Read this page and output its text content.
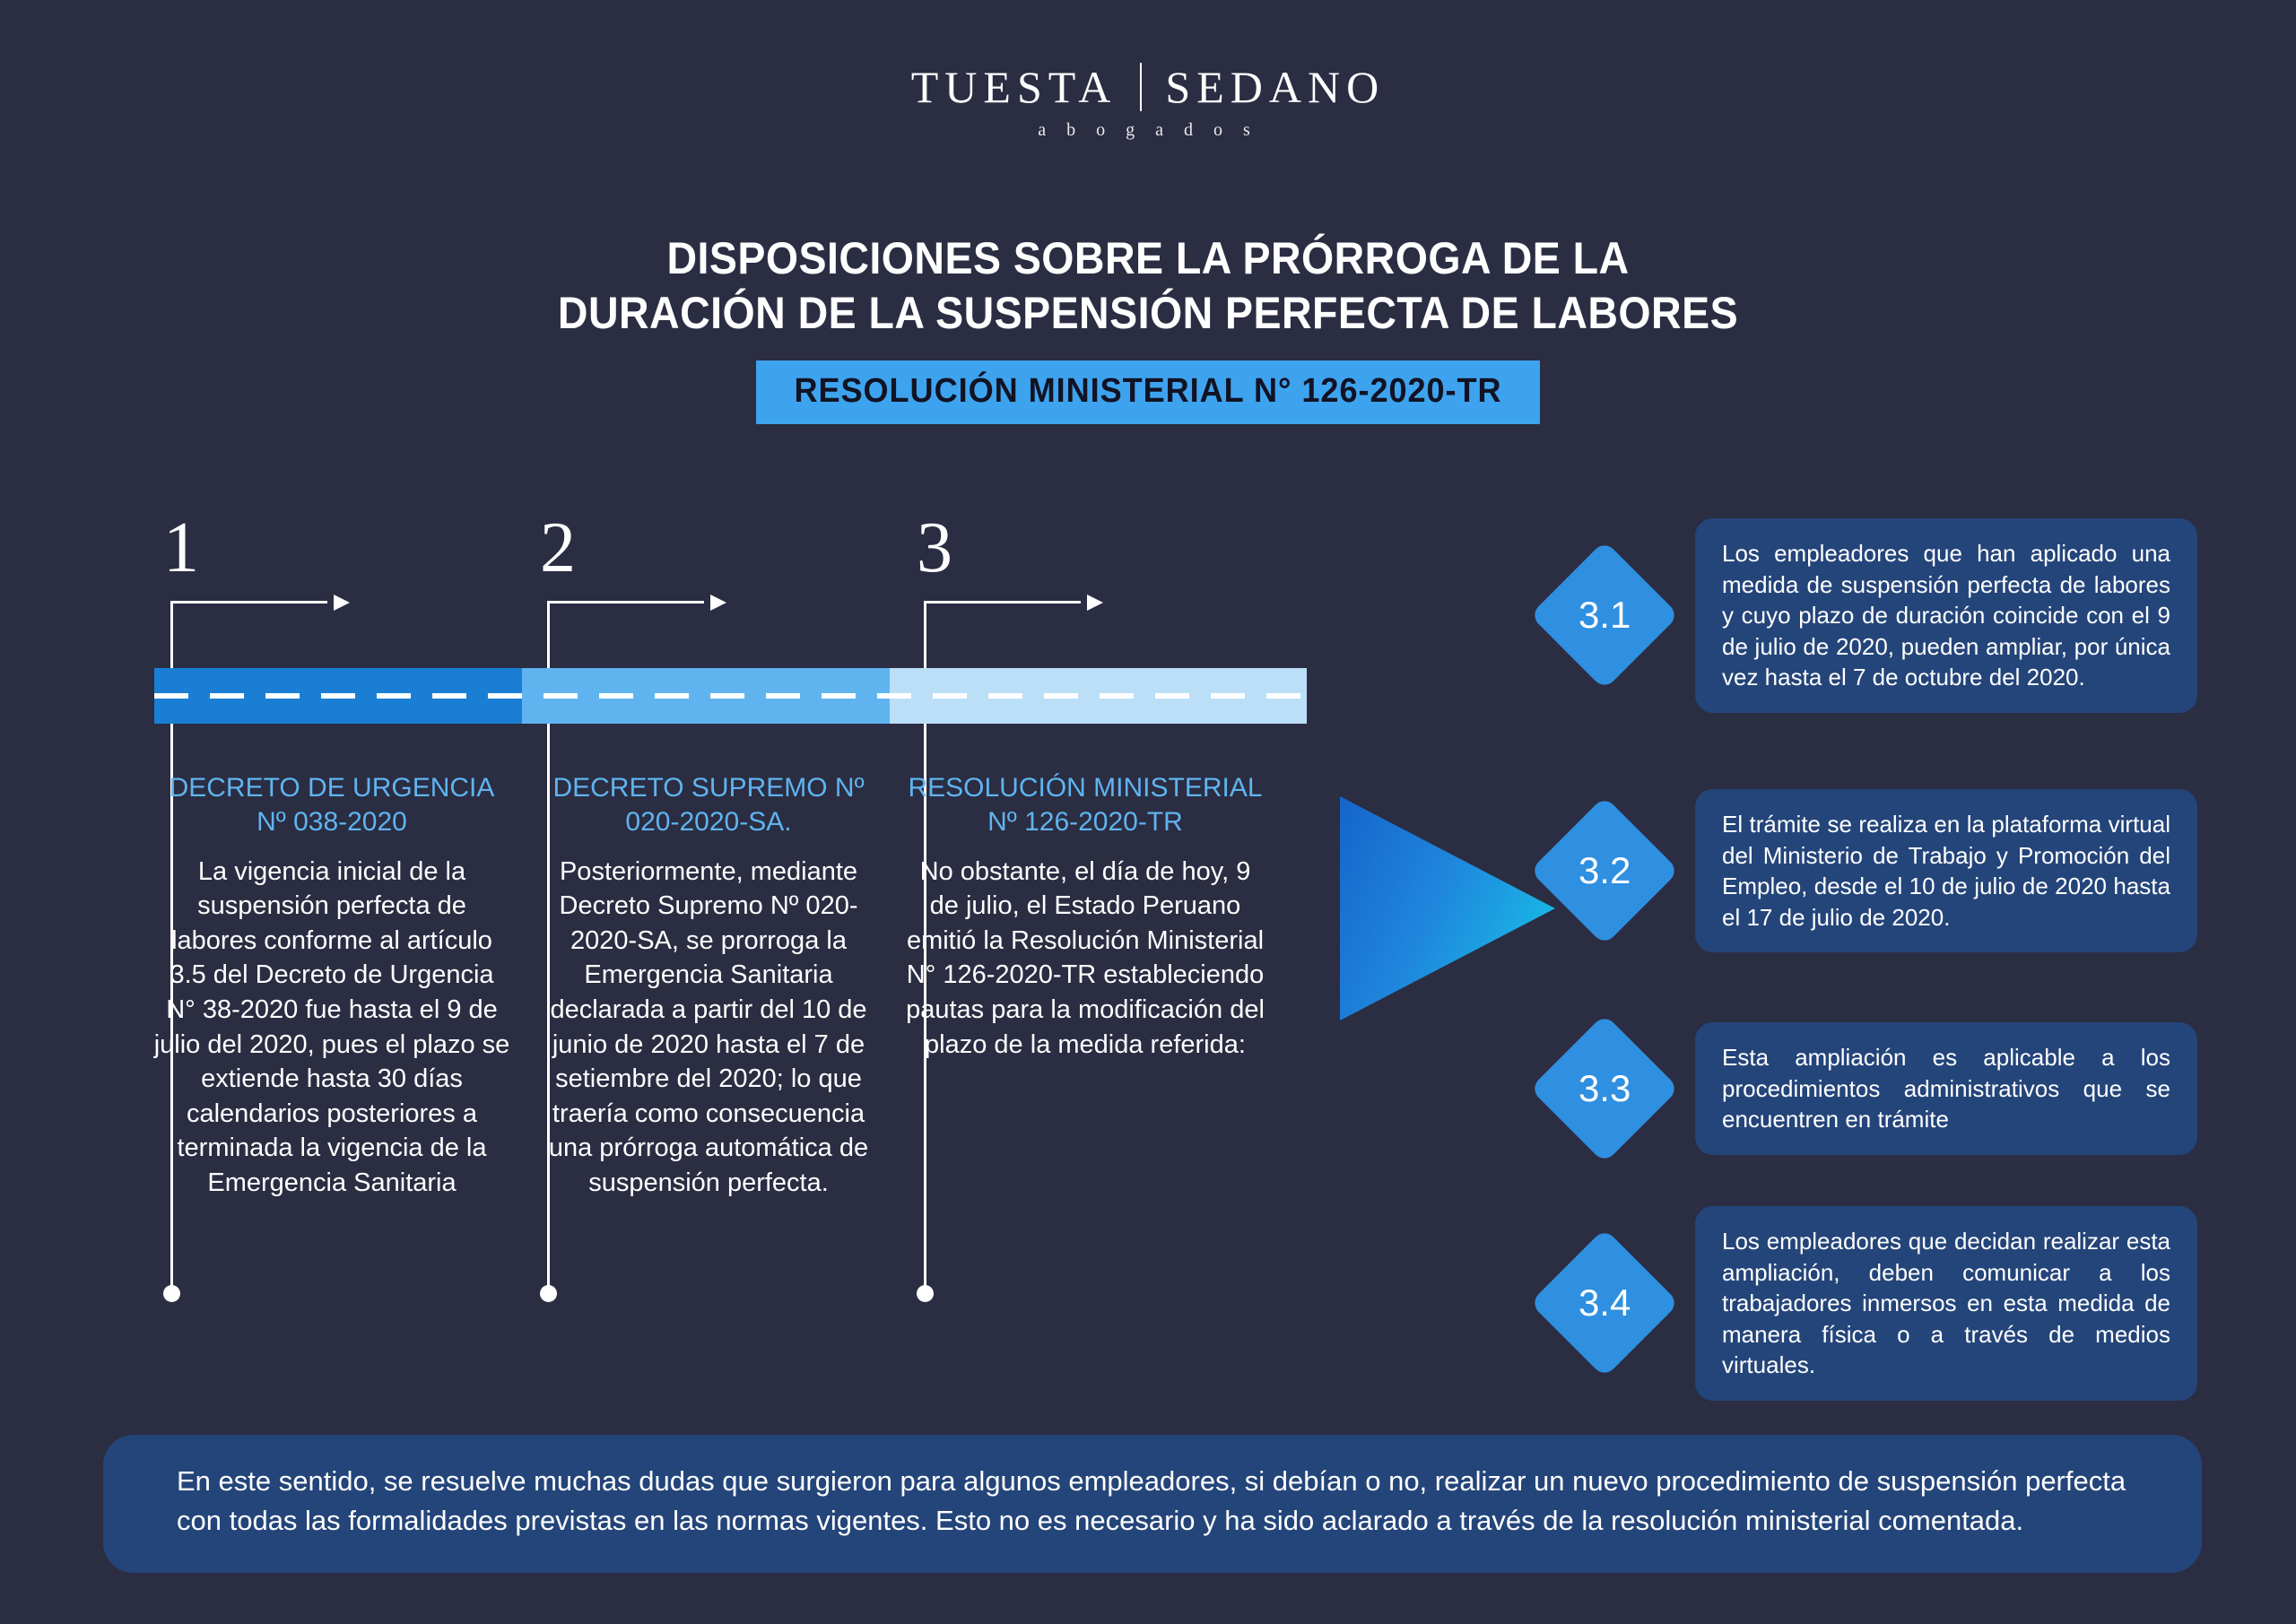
TUESTA SEDANO
a b o g a d o s
DISPOSICIONES SOBRE LA PRÓRROGA DE LA
DURACIÓN DE LA SUSPENSIÓN PERFECTA DE LABORES
RESOLUCIÓN MINISTERIAL N° 126-2020-TR
1	2	3
DECRETO DE URGENCIA Nº 038-2020
La vigencia inicial de la suspensión perfecta de labores conforme al artículo 3.5 del Decreto de Urgencia N° 38-2020 fue hasta el 9 de julio del 2020, pues el plazo se extiende hasta 30 días calendarios posteriores a terminada la vigencia de la Emergencia Sanitaria
DECRETO SUPREMO Nº 020-2020-SA.
Posteriormente, mediante Decreto Supremo Nº 020-2020-SA, se prorroga la Emergencia Sanitaria declarada a partir del 10 de junio de 2020 hasta el 7 de setiembre del 2020; lo que traería como consecuencia una prórroga automática de suspensión perfecta.
RESOLUCIÓN MINISTERIAL Nº 126-2020-TR
No obstante, el día de hoy, 9 de julio, el Estado Peruano emitió la Resolución Ministerial N° 126-2020-TR estableciendo pautas para la modificación del plazo de la medida referida:
3.1
Los empleadores que han aplicado una medida de suspensión perfecta de labores y cuyo plazo de duración coincide con el 9 de julio de 2020, pueden ampliar, por única vez hasta el 7 de octubre del 2020.
3.2
El trámite se realiza en la plataforma virtual del Ministerio de Trabajo y Promoción del Empleo, desde el 10 de julio de 2020 hasta el 17 de julio de 2020.
3.3
Esta ampliación es aplicable a los procedimientos administrativos que se encuentren en trámite
3.4
Los empleadores que decidan realizar esta ampliación, deben comunicar a los trabajadores inmersos en esta medida de manera física o a través de medios virtuales.
En este sentido, se resuelve muchas dudas que surgieron para algunos empleadores, si debían o no, realizar un nuevo procedimiento de suspensión perfecta con todas las formalidades previstas en las normas vigentes. Esto no es necesario y ha sido aclarado a través de la resolución ministerial comentada.
